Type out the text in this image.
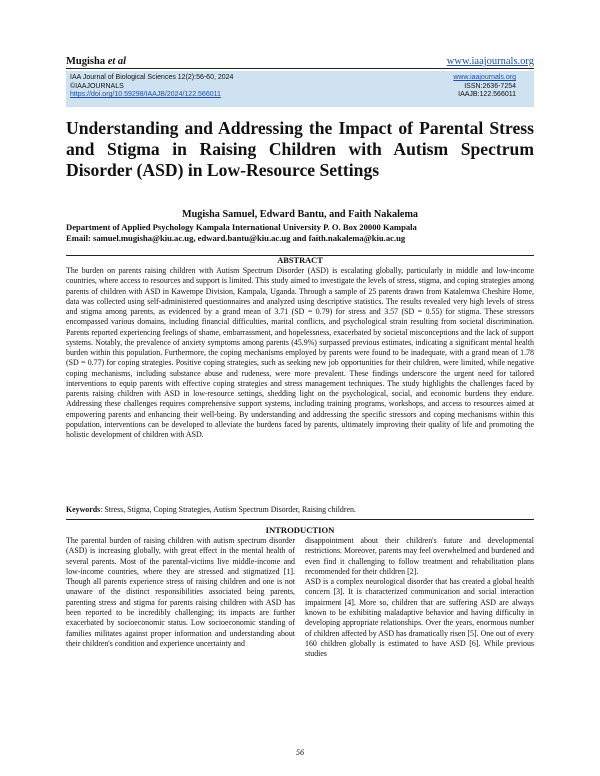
Mugisha et al	www.iaajournals.org
IAA Journal of Biological Sciences 12(2):56-60, 2024
©IAAJOURNALS
https://doi.org/10.59298/IAAJB/2024/122.566011
www.iaajournals.org
ISSN:2636-7254
IAAJB:122.566011
Understanding and Addressing the Impact of Parental Stress and Stigma in Raising Children with Autism Spectrum Disorder (ASD) in Low-Resource Settings
Mugisha Samuel, Edward Bantu, and Faith Nakalema
Department of Applied Psychology Kampala International University P. O. Box 20000 Kampala
Email: samuel.mugisha@kiu.ac.ug, edward.bantu@kiu.ac.ug and faith.nakalema@kiu.ac.ug
ABSTRACT

The burden on parents raising children with Autism Spectrum Disorder (ASD) is escalating globally, particularly in middle and low-income countries, where access to resources and support is limited. This study aimed to investigate the levels of stress, stigma, and coping strategies among parents of children with ASD in Kawempe Division, Kampala, Uganda. Through a sample of 25 parents drawn from Katalemwa Cheshire Home, data was collected using self-administered questionnaires and analyzed using descriptive statistics. The results revealed very high levels of stress and stigma among parents, as evidenced by a grand mean of 3.71 (SD = 0.79) for stress and 3.57 (SD = 0.55) for stigma. These stressors encompassed various domains, including financial difficulties, marital conflicts, and psychological strain resulting from societal discrimination. Parents reported experiencing feelings of shame, embarrassment, and hopelessness, exacerbated by societal misconceptions and the lack of support systems. Notably, the prevalence of anxiety symptoms among parents (45.9%) surpassed previous estimates, indicating a significant mental health burden within this population. Furthermore, the coping mechanisms employed by parents were found to be inadequate, with a grand mean of 1.78 (SD = 0.77) for coping strategies. Positive coping strategies, such as seeking new job opportunities for their children, were limited, while negative coping mechanisms, including substance abuse and rudeness, were more prevalent. These findings underscore the urgent need for tailored interventions to equip parents with effective coping strategies and stress management techniques. The study highlights the challenges faced by parents raising children with ASD in low-resource settings, shedding light on the psychological, social, and economic burdens they endure. Addressing these challenges requires comprehensive support systems, including training programs, workshops, and access to resources aimed at empowering parents and enhancing their well-being. By understanding and addressing the specific stressors and coping mechanisms within this population, interventions can be developed to alleviate the burdens faced by parents, ultimately improving their quality of life and promoting the holistic development of children with ASD.

Keywords: Stress, Stigma, Coping Strategies, Autism Spectrum Disorder, Raising children.
INTRODUCTION

The parental burden of raising children with autism spectrum disorder (ASD) is increasing globally, with great effect in the mental health of several parents. Most of the parental-victims live middle-income and low-income countries, where they are stressed and stigmatized [1]. Though all parents experience stress of raising children and one is not unaware of the distinct responsibilities associated being parents, parenting stress and stigma for parents raising children with ASD has been reported to be incredibly challenging; its impacts are further exacerbated by socioeconomic status. Low socioeconomic standing of families militates against proper information and understanding about their children's condition and experience uncertainty and

disappointment about their children's future and developmental restrictions. Moreover, parents may feel overwhelmed and burdened and even find it challenging to follow treatment and rehabilitation plans recommended for their children [2].

ASD is a complex neurological disorder that has created a global health concern [3]. It is characterized communication and social interaction impairment [4]. More so, children that are suffering ASD are always known to be exhibiting maladaptive behavior and having difficulty in developing appropriate relationships. Over the years, enormous number of children affected by ASD has dramatically risen [5]. One out of every 160 children globally is estimated to have ASD [6]. While previous studies

56
